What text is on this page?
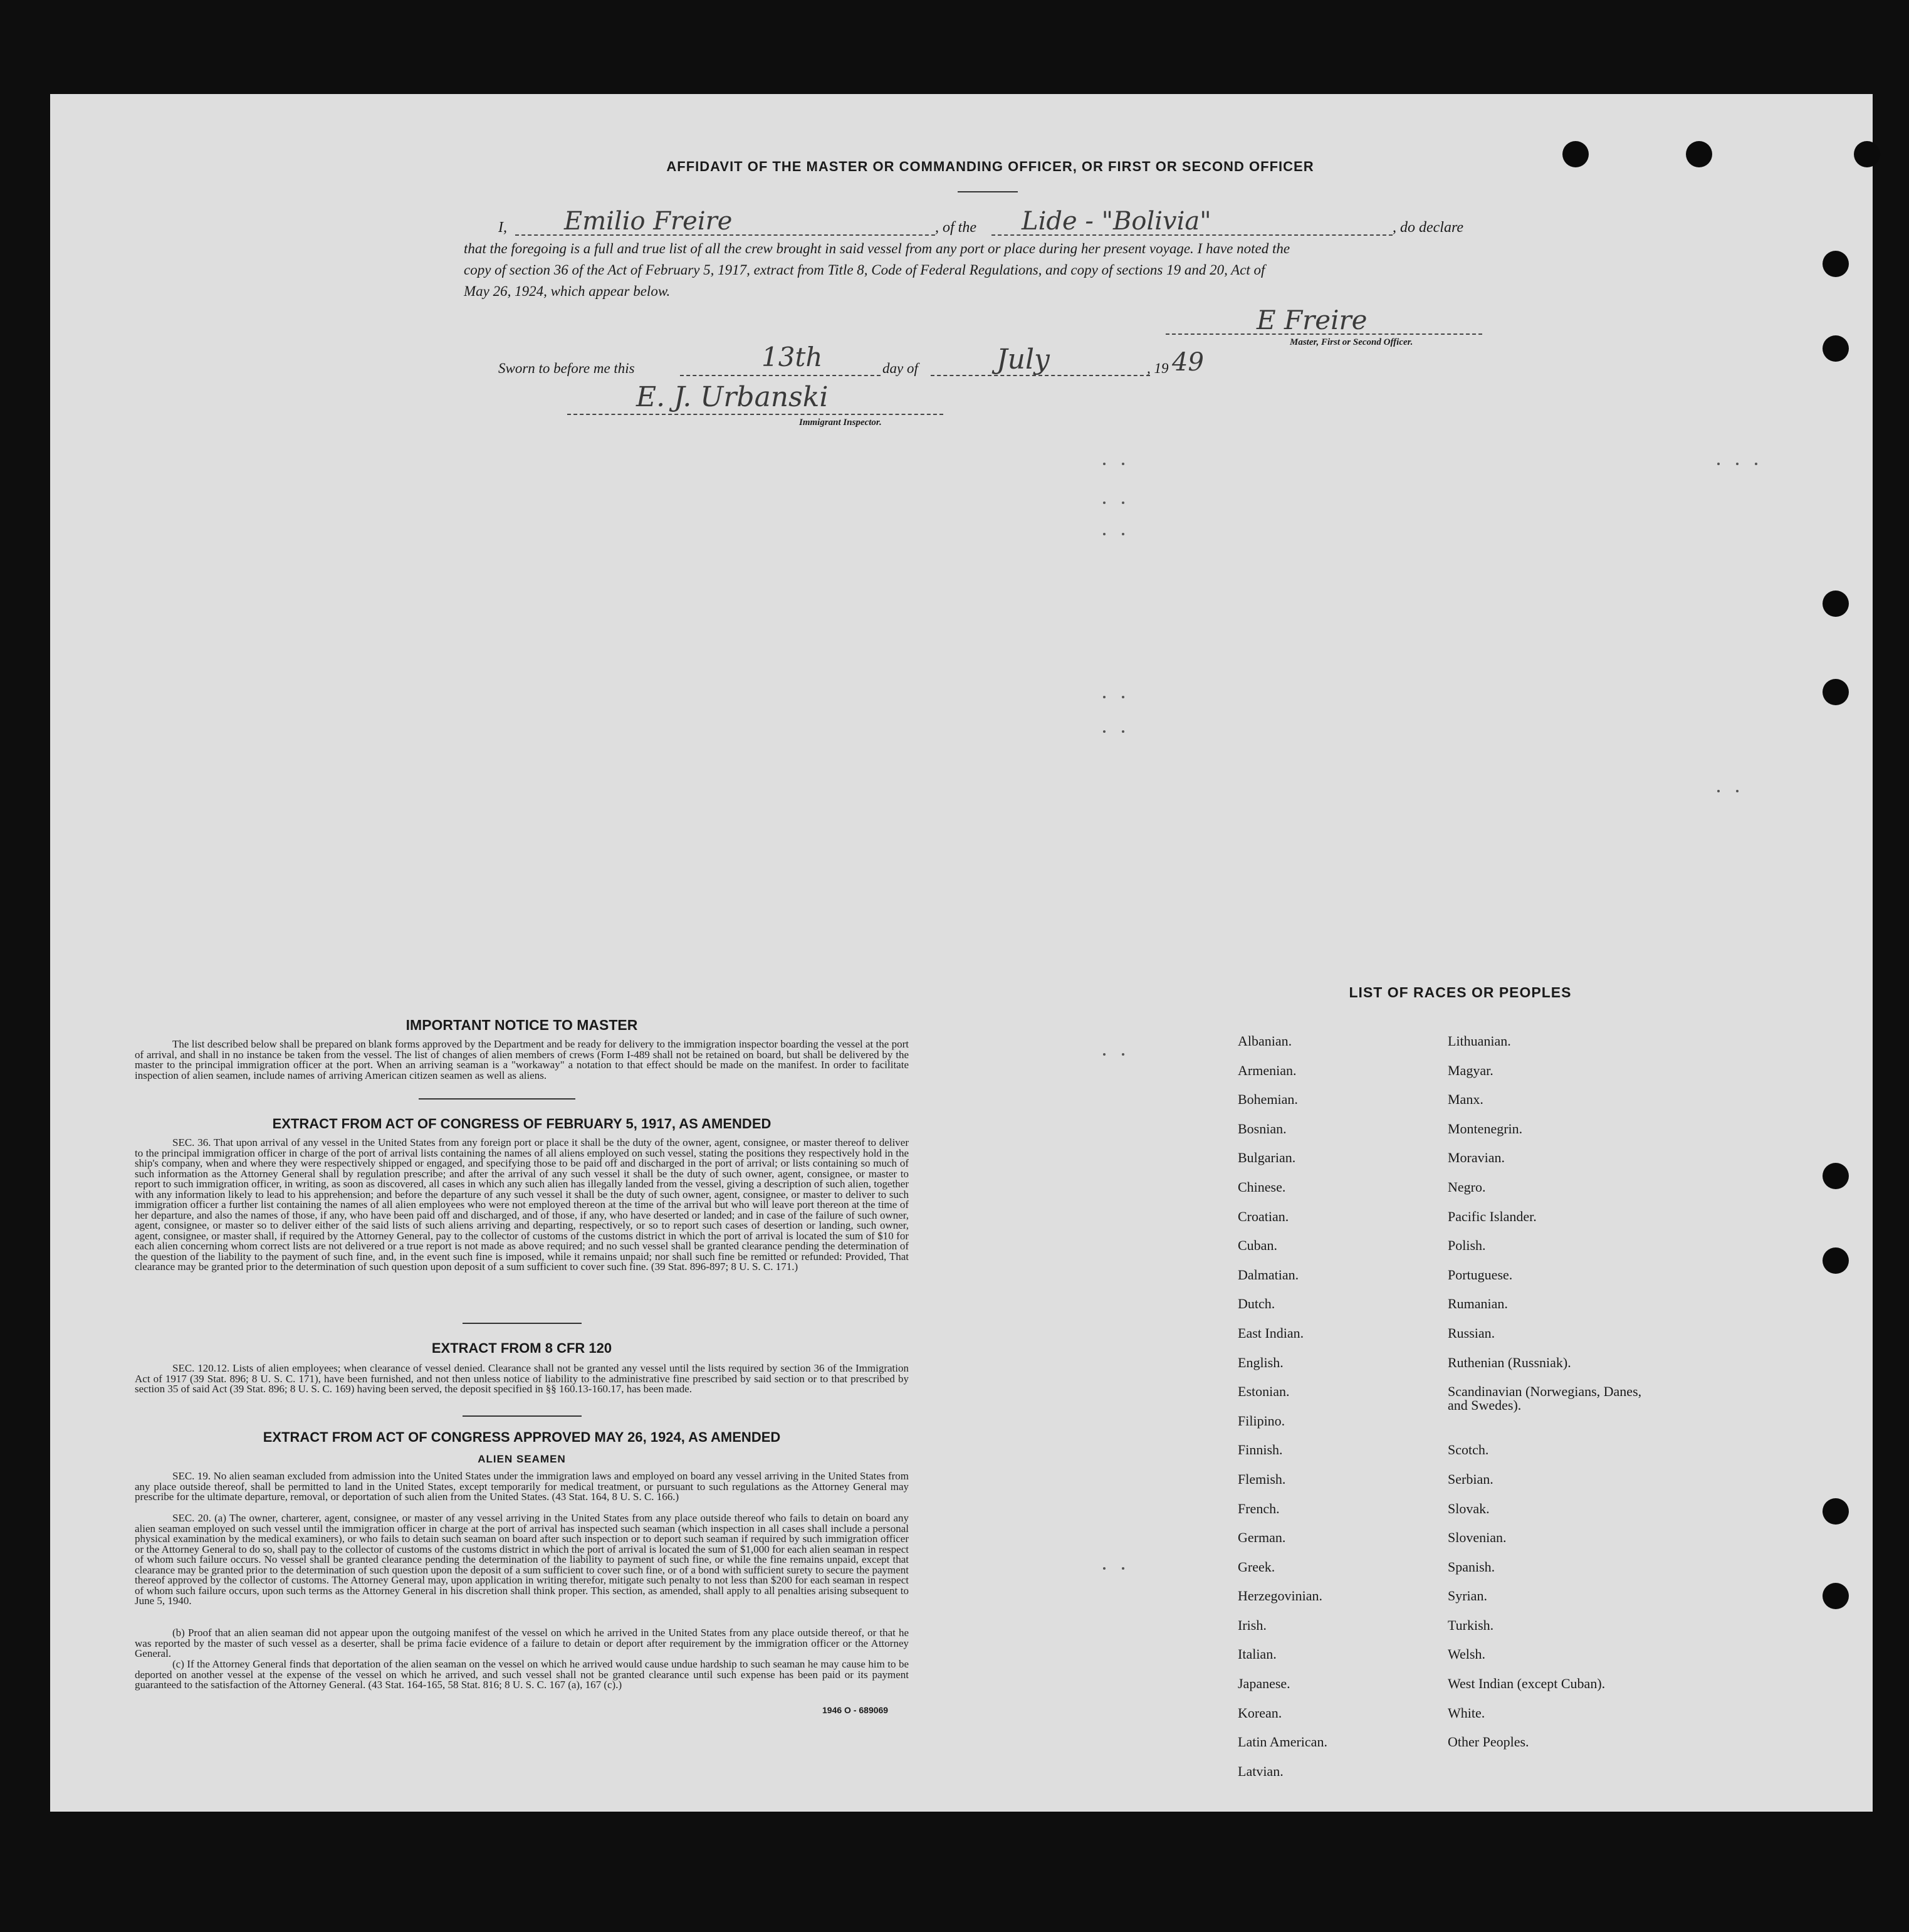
AFFIDAVIT OF THE MASTER OR COMMANDING OFFICER, OR FIRST OR SECOND OFFICER
I, Emilio Freire	, of the Lide - "Bolivia"	, do declare
that the foregoing is a full and true list of all the crew brought in said vessel from any port or place during her present voyage. I have noted the
copy of section 36 of the Act of February 5, 1917, extract from Title 8, Code of Federal Regulations, and copy of sections 19 and 20, Act of
May 26, 1924, which appear below.
E Freire
Master, First or Second Officer.
Sworn to before me this	13th	day of	July	, 19 49
E. J. Urbanski
Immigrant Inspector.
IMPORTANT NOTICE TO MASTER
The list described below shall be prepared on blank forms approved by the Department and be ready for delivery to the immigration inspector boarding the vessel at the port of arrival, and shall in no instance be taken from the vessel. The list of changes of alien members of crews (Form I-489 shall not be retained on board, but shall be delivered by the master to the principal immigration officer at the port. When an arriving seaman is a "workaway" a notation to that effect should be made on the manifest. In order to facilitate inspection of alien seamen, include names of arriving American citizen seamen as well as aliens.
EXTRACT FROM ACT OF CONGRESS OF FEBRUARY 5, 1917, AS AMENDED
SEC. 36. That upon arrival of any vessel in the United States from any foreign port or place it shall be the duty of the owner, agent, consignee, or master thereof to deliver to the principal immigration officer in charge of the port of arrival lists containing the names of all aliens employed on such vessel, stating the positions they respectively hold in the ship's company, when and where they were respectively shipped or engaged, and specifying those to be paid off and discharged in the port of arrival; or lists containing so much of such information as the Attorney General shall by regulation prescribe; and after the arrival of any such vessel it shall be the duty of such owner, agent, consignee, or master to report to such immigration officer, in writing, as soon as discovered, all cases in which any such alien has illegally landed from the vessel, giving a description of such alien, together with any information likely to lead to his apprehension; and before the departure of any such vessel it shall be the duty of such owner, agent, consignee, or master to deliver to such immigration officer a further list containing the names of all alien employees who were not employed thereon at the time of the arrival but who will leave port thereon at the time of her departure, and also the names of those, if any, who have been paid off and discharged, and of those, if any, who have deserted or landed; and in case of the failure of such owner, agent, consignee, or master so to deliver either of the said lists of such aliens arriving and departing, respectively, or so to report such cases of desertion or landing, such owner, agent, consignee, or master shall, if required by the Attorney General, pay to the collector of customs of the customs district in which the port of arrival is located the sum of $10 for each alien concerning whom correct lists are not delivered or a true report is not made as above required; and no such vessel shall be granted clearance pending the determination of the question of the liability to the payment of such fine, and, in the event such fine is imposed, while it remains unpaid; nor shall such fine be remitted or refunded: Provided, That clearance may be granted prior to the determination of such question upon deposit of a sum sufficient to cover such fine. (39 Stat. 896-897; 8 U. S. C. 171.)
EXTRACT FROM 8 CFR 120
SEC. 120.12. Lists of alien employees; when clearance of vessel denied. Clearance shall not be granted any vessel until the lists required by section 36 of the Immigration Act of 1917 (39 Stat. 896; 8 U. S. C. 171), have been furnished, and not then unless notice of liability to the administrative fine prescribed by said section or to that prescribed by section 35 of said Act (39 Stat. 896; 8 U. S. C. 169) having been served, the deposit specified in §§ 160.13-160.17, has been made.
EXTRACT FROM ACT OF CONGRESS APPROVED MAY 26, 1924, AS AMENDED
ALIEN SEAMEN
SEC. 19. No alien seaman excluded from admission into the United States under the immigration laws and employed on board any vessel arriving in the United States from any place outside thereof, shall be permitted to land in the United States, except temporarily for medical treatment, or pursuant to such regulations as the Attorney General may prescribe for the ultimate departure, removal, or deportation of such alien from the United States. (43 Stat. 164, 8 U. S. C. 166.)
SEC. 20. (a) The owner, charterer, agent, consignee, or master of any vessel arriving in the United States from any place outside thereof who fails to detain on board any alien seaman employed on such vessel until the immigration officer in charge at the port of arrival has inspected such seaman (which inspection in all cases shall include a personal physical examination by the medical examiners), or who fails to detain such seaman on board after such inspection or to deport such seaman if required by such immigration officer or the Attorney General to do so, shall pay to the collector of customs of the customs district in which the port of arrival is located the sum of $1,000 for each alien seaman in respect of whom such failure occurs. No vessel shall be granted clearance pending the determination of the liability to payment of such fine, or while the fine remains unpaid, except that clearance may be granted prior to the determination of such question upon the deposit of a sum sufficient to cover such fine, or of a bond with sufficient surety to secure the payment thereof approved by the collector of customs. The Attorney General may, upon application in writing therefor, mitigate such penalty to not less than $200 for each seaman in respect of whom such failure occurs, upon such terms as the Attorney General in his discretion shall think proper. This section, as amended, shall apply to all penalties arising subsequent to June 5, 1940.
(b) Proof that an alien seaman did not appear upon the outgoing manifest of the vessel on which he arrived in the United States from any place outside thereof, or that he was reported by the master of such vessel as a deserter, shall be prima facie evidence of a failure to detain or deport after requirement by the immigration officer or the Attorney General.
(c) If the Attorney General finds that deportation of the alien seaman on the vessel on which he arrived would cause undue hardship to such seaman he may cause him to be deported on another vessel at the expense of the vessel on which he arrived, and such vessel shall not be granted clearance until such expense has been paid or its payment guaranteed to the satisfaction of the Attorney General. (43 Stat. 164-165, 58 Stat. 816; 8 U. S. C. 167 (a), 167 (c).)
1946 O - 689069
LIST OF RACES OR PEOPLES
Albanian.
Armenian.
Bohemian.
Bosnian.
Bulgarian.
Chinese.
Croatian.
Cuban.
Dalmatian.
Dutch.
East Indian.
English.
Estonian.
Filipino.
Finnish.
Flemish.
French.
German.
Greek.
Herzegovinian.
Irish.
Italian.
Japanese.
Korean.
Latin American.
Latvian.
Lithuanian.
Magyar.
Manx.
Montenegrin.
Moravian.
Negro.
Pacific Islander.
Polish.
Portuguese.
Rumanian.
Russian.
Ruthenian (Russniak).
Scandinavian (Norwegians, Danes, and Swedes).
Scotch.
Serbian.
Slovak.
Slovenian.
Spanish.
Syrian.
Turkish.
Welsh.
West Indian (except Cuban).
White.
Other Peoples.
